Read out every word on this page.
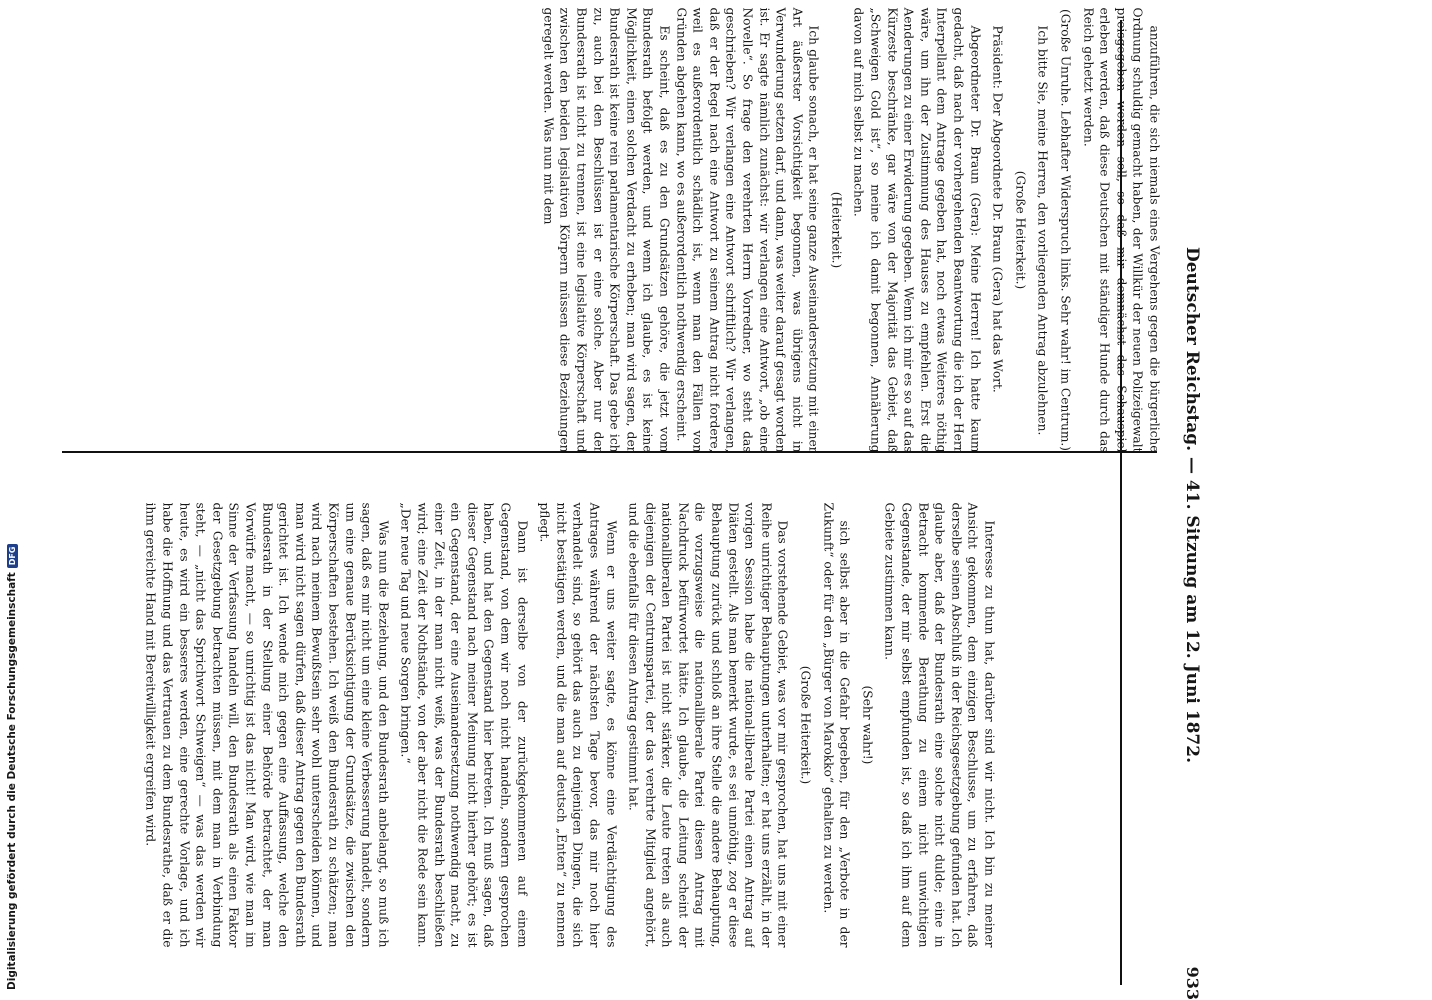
Deutscher Reichstag. — 41. Sitzung am 12. Juni 1872.
933

anzuführen, die sich niemals eines Vergehens gegen die bürgerliche Ordnung schuldig gemacht haben, der Willkür der neuen Polizeigewalt preisgegeben werden soll, so daß mir demnächst das Schauspiel erleben werden, daß diese Deutschen mit ständiger Hunde durch das Reich gehetzt werden.

(Große Unruhe. Lebhafter Widerspruch links. Sehr wahr! im Centrum.)

Ich bitte Sie, meine Herren, den vorliegenden Antrag abzulehnen.

(Große Heiterkeit.)

Präsident: Der Abgeordnete Dr. Braun (Gera) hat das Wort.

Abgeordneter Dr. Braun (Gera): Meine Herren! Ich hatte kaum gedacht, daß nach der vorhergehenden Beantwortung die ich der Herr Interpellant dem Antrage gegeben hat, noch etwas Weiteres nöthig wäre, um ihn der Zustimmung des Hauses zu empfehlen. Erst die Aenderungen zu einer Erwiderung gegeben. Wenn ich mir es so auf das Kürzeste beschränke, gar wäre von der Majorität das Gebiet, daß „Schweigen Gold ist“, so meine ich damit begonnen, Annäherung davon auf mich selbst zu machen.

(Heiterkeit.)

Ich glaube sonach, er hat seine ganze Auseinandersetzung mit einer Art äußerster Vorsichtigkeit begonnen, was übrigens nicht in Verwunderung setzen darf, und dann, was weiter darauf gesagt worden ist. Er sagte nämlich zunächst: wir verlangen eine Antwort, „ob eine Novelle“. So frage den verehrten Herrn Vorredner, wo steht das geschrieben? Wir verlangen eine Antwort schriftlich? Wir verlangen, daß er der Regel nach eine Antwort zu seinem Antrag nicht fordere, weil es außerordentlich schädlich ist, wenn man den Fällen von Gründen abgehen kann, wo es außerordentlich nothwendig erscheint.

Es scheint, daß es zu den Grundsätzen gehöre, die jetzt vom Bundesrath befolgt werden, und wenn ich glaube, es ist keine Möglichkeit, einen solchen Verdacht zu erheben; man wird sagen, der Bundesrath ist keine rein parlamentarische Körperschaft. Das gebe ich zu, auch bei den Beschlüssen ist er eine solche. Aber nur der Bundesrath ist nicht zu trennen, ist eine legislative Körperschaft und zwischen den beiden legislativen Körpern müssen diese Beziehungen geregelt werden. Was nun mit dem

Interesse zu thun hat, darüber sind wir nicht. Ich bin zu meiner Ansicht gekommen, dem einzigen Beschlusse, um zu erfahren, daß derselbe seinen Abschluß in der Reichsgesetzgebung gefunden hat. Ich glaube aber, daß der Bundesrath eine solche nicht dulde; eine in Betracht kommende Berathung zu einem nicht unwichtigen Gegenstande, der mir selbst empfunden ist, so daß ich ihm auf dem Gebiete zustimmen kann.

(Sehr wahr!)

sich selbst aber in die Gefahr begeben, für den „Verbote in der Zukunft“ oder für den „Bürger von Marokko“ gehalten zu werden.

(Große Heiterkeit.)

Das vorstehende Gebiet, was vor mir gesprochen, hat uns mit einer Reihe unrichtiger Behauptungen unterhalten; er hat uns erzählt, in der vorigen Session habe die national-liberale Partei einen Antrag auf Diäten gestellt. Als man bemerkt wurde, es sei unnöthig, zog er diese Behauptung zurück und schloß an ihre Stelle die andere Behauptung, die vorzugsweise die nationalliberale Partei diesen Antrag mit Nachdruck befürwortet hätte. Ich glaube, die Leitung scheint der nationalliberalen Partei ist nicht stärker, die Leute treten als auch diejenigen der Centrumspartei, der das verehrte Mitglied angehört, und die ebenfalls für diesen Antrag gestimmt hat.

Wenn er uns weiter sagte, es könne eine Verdächtigung des Antrages während der nächsten Tage bevor, das mir noch hier verhandelt sind, so gehört das auch zu denjenigen Dingen, die sich nicht bestätigen werden, und die man auf deutsch „Enten“ zu nennen pflegt.

Dann ist derselbe von der zurückgekommenen auf einem Gegenstand, von dem wir noch nicht handeln, sondern gesprochen haben, und hat den Gegenstand hier betreten. Ich muß sagen, daß dieser Gegenstand nach meiner Meinung nicht hierher gehört; es ist ein Gegenstand, der eine Auseinandersetzung nothwendig macht, zu einer Zeit, in der man nicht weiß, was der Bundesrath beschließen wird; eine Zeit der Nothstände, von der aber nicht die Rede sein kann. „Der neue Tag und neue Sorgen bringen.“

Was nun die Beziehung, und den Bundesrath anbelangt, so muß ich sagen, daß es mir nicht um eine kleine Verbesserung handelt, sondern um eine genaue Berücksichtigung der Grundsätze, die zwischen den Körperschaften bestehen. Ich weiß den Bundesrath zu schätzen; man wird nach meinem Bewußtsein sehr wohl unterscheiden können, und man wird nicht sagen dürfen, daß dieser Antrag gegen den Bundesrath gerichtet ist. Ich wende mich gegen eine Auffassung, welche den Bundesrath in der Stellung einer Behörde betrachtet, der man Vorwürfe macht, — so unrichtig ist das nicht! Man wird, wie man im Sinne der Verfassung handeln will, den Bundesrath als einen Faktor der Gesetzgebung betrachten müssen, mit dem man in Verbindung steht, — „nicht das Sprichwort Schweigen“ — was das werden wir heute, es wird ein besseres werden, eine gerechte Vorlage, und ich habe die Hoffnung und das Vertrauen zu dem Bundesrathe, daß er die ihm gereichte Hand mit Bereitwilligkeit ergreifen wird.

Digitalisierung gefördert durch die Deutsche Forschungsgemeinschaft
DFG
